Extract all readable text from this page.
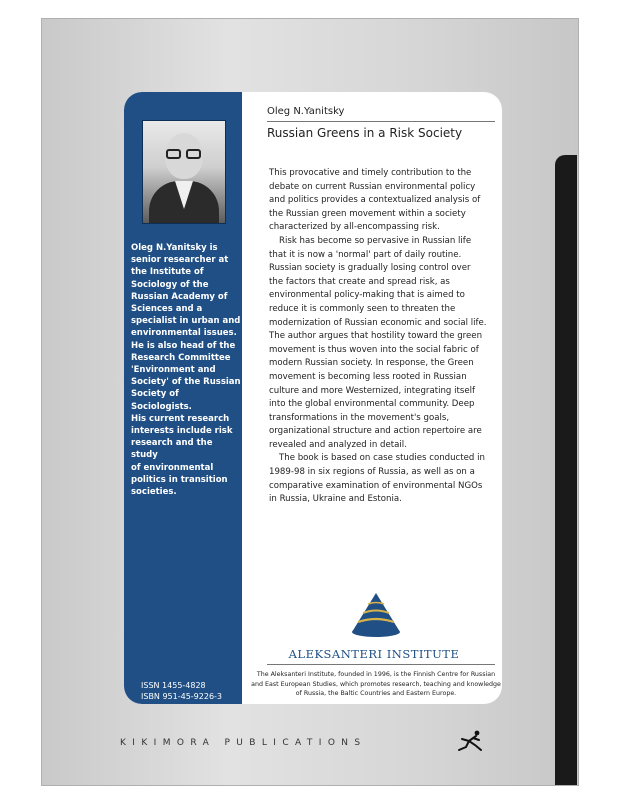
Oleg N.Yanitsky is
senior researcher at
the Institute of
Sociology of the
Russian Academy of
Sciences and a
specialist in urban and
environmental issues.
He is also head of the
Research Committee
'Environment and
Society' of the Russian
Society of Sociologists.
His current research
interests include risk
research and the study
of environmental
politics in transition
societies.
ISSN 1455-4828
ISBN 951-45-9226-3
Oleg N.Yanitsky
Russian Greens in a Risk Society

This provocative and timely contribution to the debate on current Russian environmental policy and politics provides a contextualized analysis of the Russian green movement within a society characterized by all-encompassing risk.

Risk has become so pervasive in Russian life that it is now a 'normal' part of daily routine. Russian society is gradually losing control over the factors that create and spread risk, as environmental policy-making that is aimed to reduce it is commonly seen to threaten the modernization of Russian economic and social life. The author argues that hostility toward the green movement is thus woven into the social fabric of modern Russian society. In response, the Green movement is becoming less rooted in Russian culture and more Westernized, integrating itself into the global environmental community. Deep transformations in the movement's goals, organizational structure and action repertoire are revealed and analyzed in detail.

The book is based on case studies conducted in 1989-98 in six regions of Russia, as well as on a comparative examination of environmental NGOs in Russia, Ukraine and Estonia.

ALEKSANTERI INSTITUTE
The Aleksanteri Institute, founded in 1996, is the Finnish Centre for Russian and East European Studies, which promotes research, teaching and knowledge of Russia, the Baltic Countries and Eastern Europe.
KIKIMORA PUBLICATIONS
